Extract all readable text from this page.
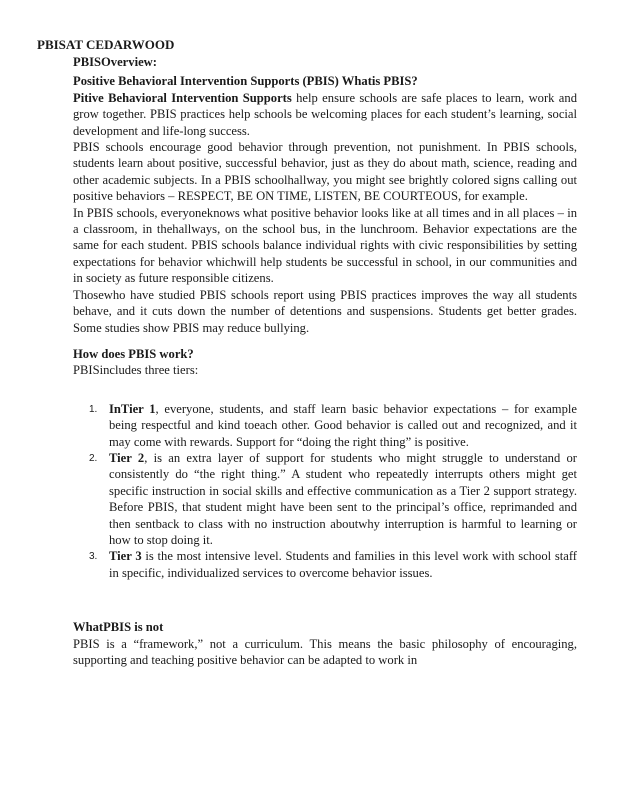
PBISAT CEDARWOOD
PBISOverview:
Positive Behavioral Intervention Supports (PBIS) Whatis PBIS?

Pitive Behavioral Intervention Supports help ensure schools are safe places to learn, work and grow together. PBIS practices help schools be welcoming places for each student’s learning, social development and life-long success.

PBIS schools encourage good behavior through prevention, not punishment. In PBIS schools, students learn about positive, successful behavior, just as they do about math, science, reading and other academic subjects. In a PBIS schoolhallway, you might see brightly colored signs calling out positive behaviors – RESPECT, BE ON TIME, LISTEN, BE COURTEOUS, for example.

In PBIS schools, everyoneknows what positive behavior looks like at all times and in all places – in a classroom, in thehallways, on the school bus, in the lunchroom. Behavior expectations are the same for each student. PBIS schools balance individual rights with civic responsibilities by setting expectations for behavior whichwill help students be successful in school, in our communities and in society as future responsible citizens.

Thosewho have studied PBIS schools report using PBIS practices improves the way all students behave, and it cuts down the number of detentions and suspensions. Students get better grades. Some studies show PBIS may reduce bullying.

How does PBIS work?

PBISincludes three tiers:

1. InTier 1, everyone, students, and staff learn basic behavior expectations – for example being respectful and kind toeach other. Good behavior is called out and recognized, and it may come with rewards. Support for “doing the right thing” is positive.
2. Tier 2, is an extra layer of support for students who might struggle to understand or consistently do “the right thing.” A student who repeatedly interrupts others might get specific instruction in social skills and effective communication as a Tier 2 support strategy. Before PBIS, that student might have been sent to the principal’s office, reprimanded and then sentback to class with no instruction aboutwhy interruption is harmful to learning or how to stop doing it.
3. Tier 3 is the most intensive level. Students and families in this level work with school staff in specific, individualized services to overcome behavior issues.
WhatPBIS is not

PBIS is a “framework,” not a curriculum. This means the basic philosophy of encouraging, supporting and teaching positive behavior can be adapted to work in
